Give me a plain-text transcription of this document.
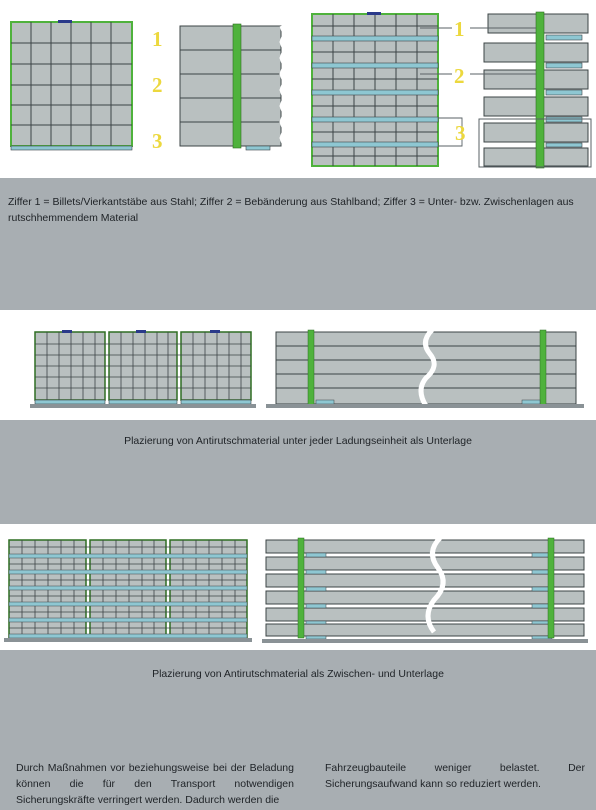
1
2
3
1
2
3
Ziffer 1 = Billets/Vierkantstäbe aus Stahl; Ziffer 2 = Bebänderung aus Stahlband; Ziffer 3 = Unter- bzw. Zwischenlagen aus rutschhemmendem Material
Plazierung von Antirutschmaterial unter jeder Ladungseinheit als Unterlage
Plazierung von Antirutschmaterial als Zwischen- und Unterlage
Durch Maßnahmen vor beziehungsweise bei der Beladung können die für den Transport notwendigen Sicherungskräfte verringert werden. Dadurch werden die
Fahrzeugbauteile weniger belastet. Der Sicherungsaufwand kann so reduziert werden.
